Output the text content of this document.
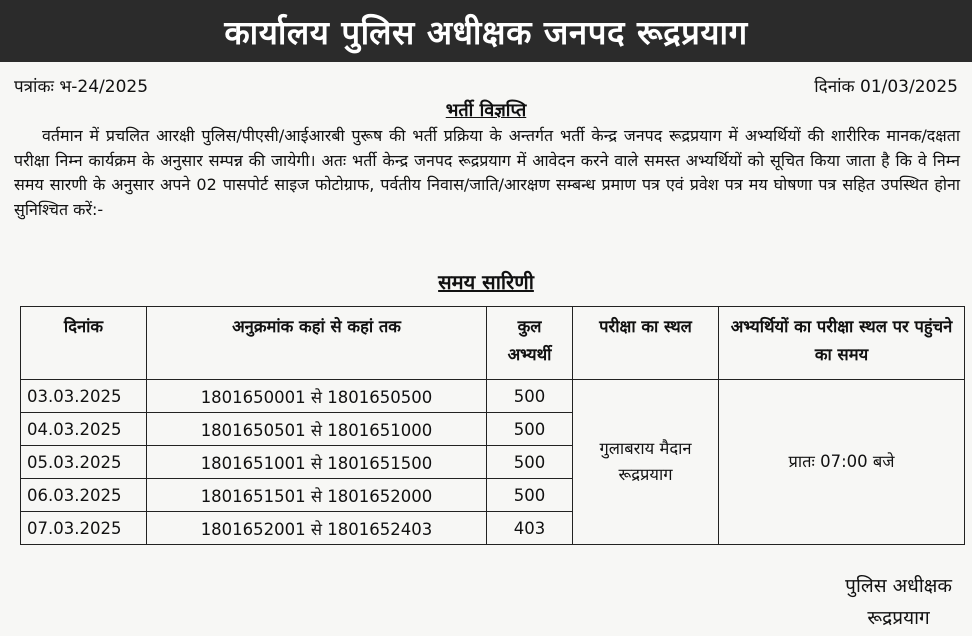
कार्यालय पुलिस अधीक्षक जनपद रूद्रप्रयाग
पत्रांकः भ-24/2025	दिनांक 01/03/2025
भर्ती विज्ञप्ति
वर्तमान में प्रचलित आरक्षी पुलिस/पीएसी/आईआरबी पुरूष की भर्ती प्रक्रिया के अन्तर्गत भर्ती केन्द्र जनपद रूद्रप्रयाग में अभ्यर्थियों की शारीरिक मानक/दक्षता परीक्षा निम्न कार्यक्रम के अनुसार सम्पन्न की जायेगी। अतः भर्ती केन्द्र जनपद रूद्रप्रयाग में आवेदन करने वाले समस्त अभ्यर्थियों को सूचित किया जाता है कि वे निम्न समय सारणी के अनुसार अपने 02 पासपोर्ट साइज फोटोग्राफ, पर्वतीय निवास/जाति/आरक्षण सम्बन्ध प्रमाण पत्र एवं प्रवेश पत्र मय घोषणा पत्र सहित उपस्थित होना सुनिश्चित करें:-
समय सारिणी
दिनांक	अनुक्रमांक कहां से कहां तक	कुल अभ्यर्थी	परीक्षा का स्थल	अभ्यर्थियों का परीक्षा स्थल पर पहुंचने का समय
03.03.2025	1801650001 से 1801650500	500	गुलाबराय मैदान रूद्रप्रयाग	प्रातः 07:00 बजे
04.03.2025	1801650501 से 1801651000	500		
05.03.2025	1801651001 से 1801651500	500		
06.03.2025	1801651501 से 1801652000	500		
07.03.2025	1801652001 से 1801652403	403		
पुलिस अधीक्षक
रूद्रप्रयाग
